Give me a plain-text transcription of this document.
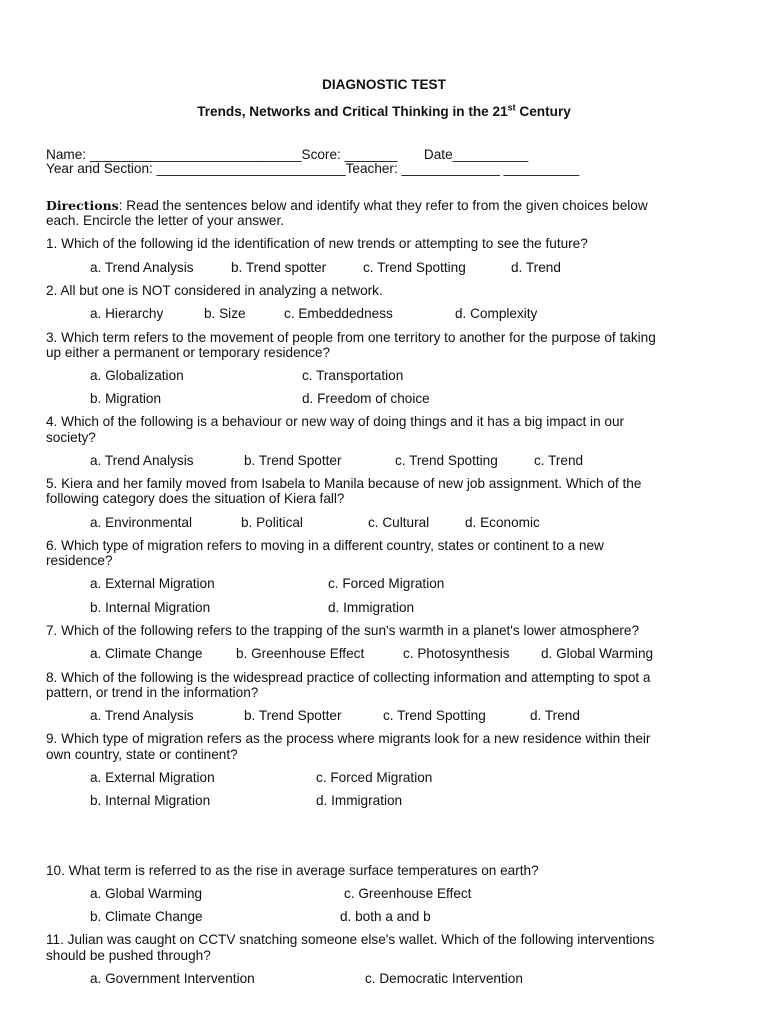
DIAGNOSTIC TEST
Trends, Networks and Critical Thinking in the 21st Century
Name: ____________________________Score: _______       Date__________
Year and Section: _________________________Teacher: _____________ __________
Directions: Read the sentences below and identify what they refer to from the given choices below
each. Encircle the letter of your answer.
1. Which of the following id the identification of new trends or attempting to see the future?
a. Trend Analysis	b. Trend spotter	c. Trend Spotting	d. Trend
2. All but one is NOT considered in analyzing a network.
a. Hierarchy	b. Size	c. Embeddedness	d. Complexity
3. Which term refers to the movement of people from one territory to another for the purpose of taking
up either a permanent or temporary residence?
a. Globalization	c. Transportation
b. Migration	d. Freedom of choice
4. Which of the following is a behaviour or new way of doing things and it has a big impact in our
society?
a. Trend Analysis	b. Trend Spotter	c. Trend Spotting	c. Trend
5. Kiera and her family moved from Isabela to Manila because of new job assignment. Which of the
following category does the situation of Kiera fall?
a. Environmental	b. Political	c. Cultural	d. Economic
6. Which type of migration refers to moving in a different country, states or continent to a new
residence?
a. External Migration	c. Forced Migration
b. Internal Migration	d. Immigration
7. Which of the following refers to the trapping of the sun's warmth in a planet's lower atmosphere?
a. Climate Change b. Greenhouse Effect	c. Photosynthesis d. Global Warming
8. Which of the following is the widespread practice of collecting information and attempting to spot a
pattern, or trend in the information?
a. Trend Analysis	b. Trend Spotter	c. Trend Spotting	d. Trend
9. Which type of migration refers as the process where migrants look for a new residence within their
own country, state or continent?
a. External Migration	c. Forced Migration
b. Internal Migration	d. Immigration
10. What term is referred to as the rise in average surface temperatures on earth?
a. Global Warming	c. Greenhouse Effect
b. Climate Change	d. both a and b
11. Julian was caught on CCTV snatching someone else's wallet. Which of the following interventions
should be pushed through?
a. Government Intervention	c. Democratic Intervention
